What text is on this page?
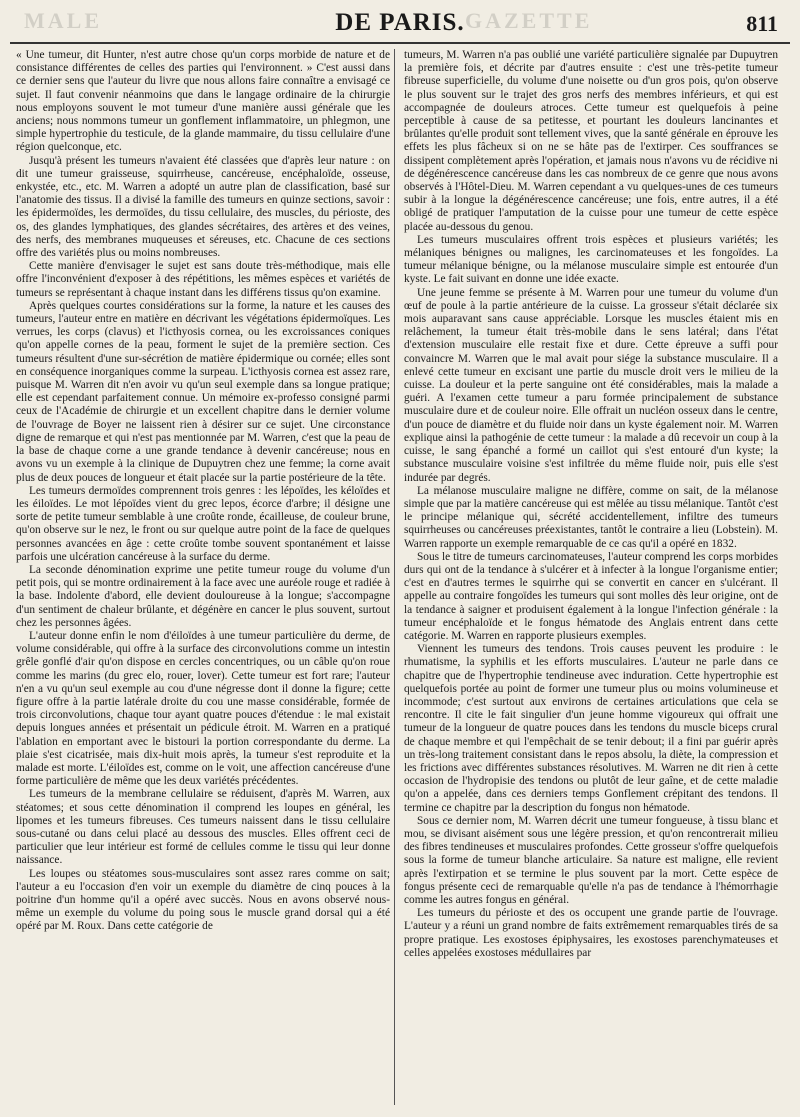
MALE	GAZETTE
DE PARIS.	811

« Une tumeur, dit Hunter, n'est autre chose qu'un corps morbide de nature et de consistance différentes de celles des parties qui l'environnent. » C'est aussi dans ce dernier sens que l'auteur du livre que nous allons faire connaître a envisagé ce sujet. Il faut convenir néanmoins que dans le langage ordinaire de la chirurgie nous employons souvent le mot tumeur d'une manière aussi générale que les anciens; nous nommons tumeur un gonflement inflammatoire, un phlegmon, une simple hypertrophie du testicule, de la glande mammaire, du tissu cellulaire d'une région quelconque, etc.

Jusqu'à présent les tumeurs n'avaient été classées que d'après leur nature : on dit une tumeur graisseuse, squirrheuse, cancéreuse, encéphaloïde, osseuse, enkystée, etc., etc. M. Warren a adopté un autre plan de classification, basé sur l'anatomie des tissus. Il a divisé la famille des tumeurs en quinze sections, savoir : les épidermoïdes, les dermoïdes, du tissu cellulaire, des muscles, du périoste, des os, des glandes lymphatiques, des glandes sécrétaires, des artères et des veines, des nerfs, des membranes muqueuses et séreuses, etc. Chacune de ces sections offre des variétés plus ou moins nombreuses.

Cette manière d'envisager le sujet est sans doute très-méthodique, mais elle offre l'inconvénient d'exposer à des répétitions, les mêmes espèces et variétés de tumeurs se représentant à chaque instant dans les différens tissus qu'on examine.

Après quelques courtes considérations sur la forme, la nature et les causes des tumeurs, l'auteur entre en matière en décrivant les végétations épidermoïques. Les verrues, les corps (clavus) et l'icthyosis cornea, ou les excroissances coniques qu'on appelle cornes de la peau, forment le sujet de la première section. Ces tumeurs résultent d'une sur-sécrétion de matière épidermique ou cornée; elles sont en conséquence inorganiques comme la surpeau. L'icthyosis cornea est assez rare, puisque M. Warren dit n'en avoir vu qu'un seul exemple dans sa longue pratique; elle est cependant parfaitement connue. Un mémoire ex-professo consigné parmi ceux de l'Académie de chirurgie et un excellent chapitre dans le dernier volume de l'ouvrage de Boyer ne laissent rien à désirer sur ce sujet. Une circonstance digne de remarque et qui n'est pas mentionnée par M. Warren, c'est que la peau de la base de chaque corne a une grande tendance à devenir cancéreuse; nous en avons vu un exemple à la clinique de Dupuytren chez une femme; la corne avait plus de deux pouces de longueur et était placée sur la partie postérieure de la tête.

Les tumeurs dermoïdes comprennent trois genres : les lépoïdes, les kéloïdes et les éiloïdes. Le mot lépoïdes vient du grec lepos, écorce d'arbre; il désigne une sorte de petite tumeur semblable à une croûte ronde, écailleuse, de couleur brune, qu'on observe sur le nez, le front ou sur quelque autre point de la face de quelques personnes avancées en âge : cette croûte tombe souvent spontanément et laisse parfois une ulcération cancéreuse à la surface du derme.

La seconde dénomination exprime une petite tumeur rouge du volume d'un petit pois, qui se montre ordinairement à la face avec une auréole rouge et radiée à la base. Indolente d'abord, elle devient douloureuse à la longue; s'accompagne d'un sentiment de chaleur brûlante, et dégénère en cancer le plus souvent, surtout chez les personnes âgées.

L'auteur donne enfin le nom d'éiloïdes à une tumeur particulière du derme, de volume considérable, qui offre à la surface des circonvolutions comme un intestin grêle gonflé d'air qu'on dispose en cercles concentriques, ou un câble qu'on roue comme les marins (du grec elo, rouer, lover). Cette tumeur est fort rare; l'auteur n'en a vu qu'un seul exemple au cou d'une négresse dont il donne la figure; cette figure offre à la partie latérale droite du cou une masse considérable, formée de trois circonvolutions, chaque tour ayant quatre pouces d'étendue : le mal existait depuis longues années et présentait un pédicule étroit. M. Warren en a pratiqué l'ablation en emportant avec le bistouri la portion correspondante du derme. La plaie s'est cicatrisée, mais dix-huit mois après, la tumeur s'est reproduite et la malade est morte. L'éiloïdes est, comme on le voit, une affection cancéreuse d'une forme particulière de même que les deux variétés précédentes.

Les tumeurs de la membrane cellulaire se réduisent, d'après M. Warren, aux stéatomes; et sous cette dénomination il comprend les loupes en général, les lipomes et les tumeurs fibreuses. Ces tumeurs naissent dans le tissu cellulaire sous-cutané ou dans celui placé au dessous des muscles. Elles offrent ceci de particulier que leur intérieur est formé de cellules comme le tissu qui leur donne naissance.

Les loupes ou stéatomes sous-musculaires sont assez rares comme on sait; l'auteur a eu l'occasion d'en voir un exemple du diamètre de cinq pouces à la poitrine d'un homme qu'il a opéré avec succès. Nous en avons observé nous-même un exemple du volume du poing sous le muscle grand dorsal qui a été opéré par M. Roux. Dans cette catégorie de

tumeurs, M. Warren n'a pas oublié une variété particulière signalée par Dupuytren la première fois, et décrite par d'autres ensuite : c'est une très-petite tumeur fibreuse superficielle, du volume d'une noisette ou d'un gros pois, qu'on observe le plus souvent sur le trajet des gros nerfs des membres inférieurs, et qui est accompagnée de douleurs atroces. Cette tumeur est quelquefois à peine perceptible à cause de sa petitesse, et pourtant les douleurs lancinantes et brûlantes qu'elle produit sont tellement vives, que la santé générale en éprouve les effets les plus fâcheux si on ne se hâte pas de l'extirper. Ces souffrances se dissipent complètement après l'opération, et jamais nous n'avons vu de récidive ni de dégénérescence cancéreuse dans les cas nombreux de ce genre que nous avons observés à l'Hôtel-Dieu. M. Warren cependant a vu quelques-unes de ces tumeurs subir à la longue la dégénérescence cancéreuse; une fois, entre autres, il a été obligé de pratiquer l'amputation de la cuisse pour une tumeur de cette espèce placée au-dessous du genou.

Les tumeurs musculaires offrent trois espèces et plusieurs variétés; les mélaniques bénignes ou malignes, les carcinomateuses et les fongoïdes. La tumeur mélanique bénigne, ou la mélanose musculaire simple est entourée d'un kyste. Le fait suivant en donne une idée exacte.

Une jeune femme se présente à M. Warren pour une tumeur du volume d'un œuf de poule à la partie antérieure de la cuisse. La grosseur s'était déclarée six mois auparavant sans cause appréciable. Lorsque les muscles étaient mis en relâchement, la tumeur était très-mobile dans le sens latéral; dans l'état d'extension musculaire elle restait fixe et dure. Cette épreuve a suffi pour convaincre M. Warren que le mal avait pour siége la substance musculaire. Il a enlevé cette tumeur en excisant une partie du muscle droit vers le milieu de la cuisse. La douleur et la perte sanguine ont été considérables, mais la malade a guéri. A l'examen cette tumeur a paru formée principalement de substance musculaire dure et de couleur noire. Elle offrait un nucléon osseux dans le centre, d'un pouce de diamètre et du fluide noir dans un kyste également noir. M. Warren explique ainsi la pathogénie de cette tumeur : la malade a dû recevoir un coup à la cuisse, le sang épanché a formé un caillot qui s'est entouré d'un kyste; la substance musculaire voisine s'est infiltrée du même fluide noir, puis elle s'est indurée par degrés.

La mélanose musculaire maligne ne diffère, comme on sait, de la mélanose simple que par la matière cancéreuse qui est mêlée au tissu mélanique. Tantôt c'est le principe mélanique qui, sécrété accidentellement, infiltre des tumeurs squirrheuses ou cancéreuses préexistantes, tantôt le contraire a lieu (Lobstein). M. Warren rapporte un exemple remarquable de ce cas qu'il a opéré en 1832.

Sous le titre de tumeurs carcinomateuses, l'auteur comprend les corps morbides durs qui ont de la tendance à s'ulcérer et à infecter à la longue l'organisme entier; c'est en d'autres termes le squirrhe qui se convertit en cancer en s'ulcérant. Il appelle au contraire fongoïdes les tumeurs qui sont molles dès leur origine, ont de la tendance à saigner et produisent également à la longue l'infection générale : la tumeur encéphaloïde et le fongus hématode des Anglais entrent dans cette catégorie. M. Warren en rapporte plusieurs exemples.

Viennent les tumeurs des tendons. Trois causes peuvent les produire : le rhumatisme, la syphilis et les efforts musculaires. L'auteur ne parle dans ce chapitre que de l'hypertrophie tendineuse avec induration. Cette hypertrophie est quelquefois portée au point de former une tumeur plus ou moins volumineuse et incommode; c'est surtout aux environs de certaines articulations que cela se rencontre. Il cite le fait singulier d'un jeune homme vigoureux qui offrait une tumeur de la longueur de quatre pouces dans les tendons du muscle biceps crural de chaque membre et qui l'empêchait de se tenir debout; il a fini par guérir après un très-long traitement consistant dans le repos absolu, la diète, la compression et les frictions avec différentes substances résolutives. M. Warren ne dit rien à cette occasion de l'hydropisie des tendons ou plutôt de leur gaîne, et de cette maladie qu'on a appelée, dans ces derniers temps Gonflement crépitant des tendons. Il termine ce chapitre par la description du fongus non hématode.

Sous ce dernier nom, M. Warren décrit une tumeur fongueuse, à tissu blanc et mou, se divisant aisément sous une légère pression, et qu'on rencontrerait milieu des fibres tendineuses et musculaires profondes. Cette grosseur s'offre quelquefois sous la forme de tumeur blanche articulaire. Sa nature est maligne, elle revient après l'extirpation et se termine le plus souvent par la mort. Cette espèce de fongus présente ceci de remarquable qu'elle n'a pas de tendance à l'hémorrhagie comme les autres fongus en général.

Les tumeurs du périoste et des os occupent une grande partie de l'ouvrage. L'auteur y a réuni un grand nombre de faits extrêmement remarquables tirés de sa propre pratique. Les exostoses épiphysaires, les exostoses parenchymateuses et celles appelées exostoses médullaires par
